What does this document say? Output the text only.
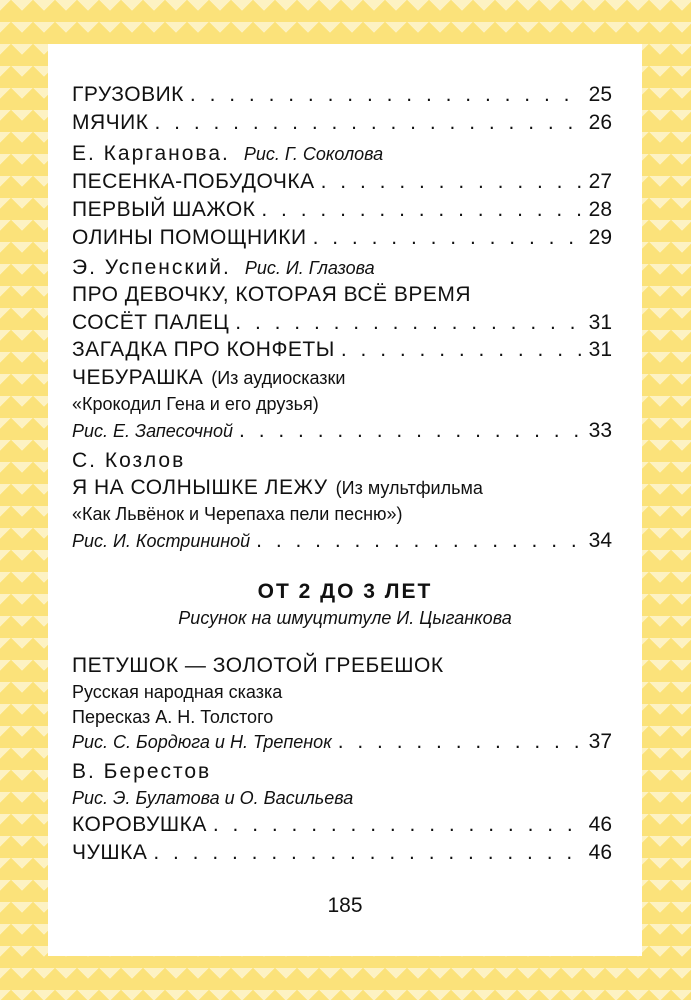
ГРУЗОВИК . . .	25
МЯЧИК . . .	26
Е. Карганова. Рис. Г. Соколова
ПЕСЕНКА-ПОБУДОЧКА . . .	27
ПЕРВЫЙ ШАЖОК . . .	28
ОЛИНЫ ПОМОЩНИКИ . . .	29
Э. Успенский. Рис. И. Глазова
ПРО ДЕВОЧКУ, КОТОРАЯ ВСЁ ВРЕМЯ
СОСЁТ ПАЛЕЦ . . .	31
ЗАГАДКА ПРО КОНФЕТЫ . . .	31
ЧЕБУРАШКА (Из аудиосказки
«Крокодил Гена и его друзья)
Рис. Е. Запесочной . . .	33
С. Козлов
Я НА СОЛНЫШКЕ ЛЕЖУ (Из мультфильма
«Как Львёнок и Черепаха пели песню»)
Рис. И. Кострининой . . .	34
ОТ 2 ДО 3 ЛЕТ
Рисунок на шмуцтитуле И. Цыганкова
ПЕТУШОК — ЗОЛОТОЙ ГРЕБЕШОК
Русская народная сказка
Пересказ А. Н. Толстого
Рис. С. Бордюга и Н. Трепенок . . .	37
В. Берестов
Рис. Э. Булатова и О. Васильева
КОРОВУШКА . . .	46
ЧУШКА . . .	46
185
